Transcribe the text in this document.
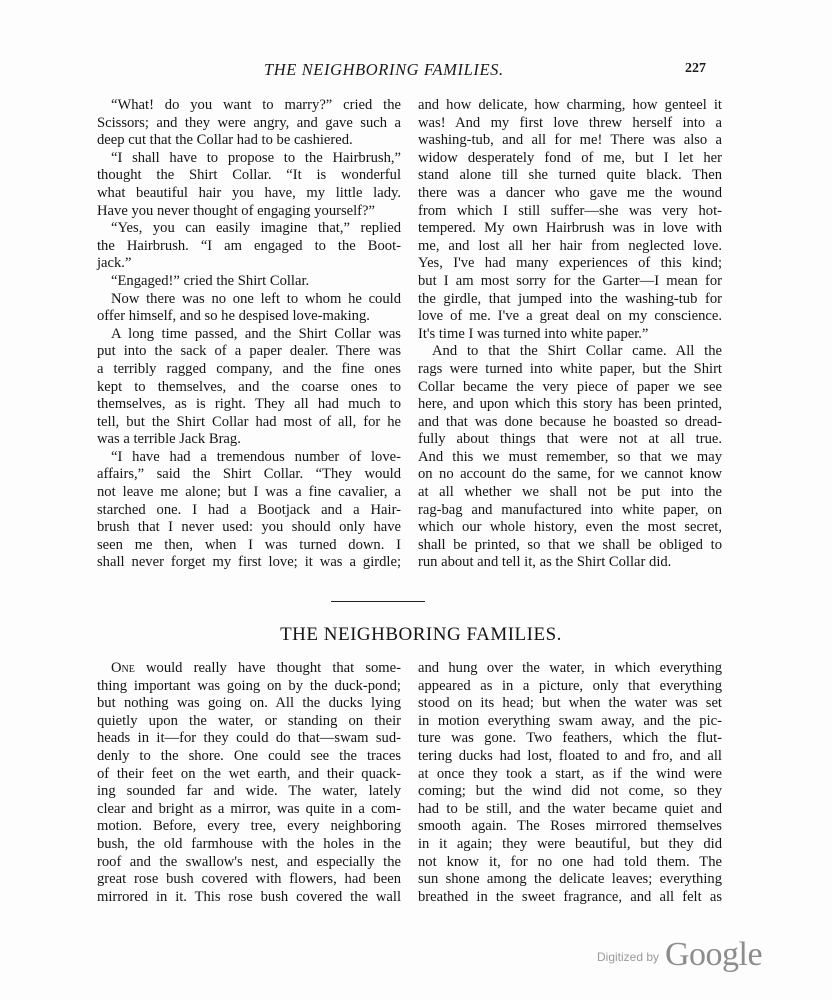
THE NEIGHBORING FAMILIES.	227
“What! do you want to marry?” cried the
Scissors; and they were angry, and gave such a
deep cut that the Collar had to be cashiered.
“I shall have to propose to the Hairbrush,”
thought the Shirt Collar. “It is wonderful
what beautiful hair you have, my little lady.
Have you never thought of engaging yourself?”
“Yes, you can easily imagine that,” replied
the Hairbrush. “I am engaged to the Boot-
jack.”
“Engaged!” cried the Shirt Collar.
Now there was no one left to whom he could
offer himself, and so he despised love-making.
A long time passed, and the Shirt Collar was
put into the sack of a paper dealer. There was
a terribly ragged company, and the fine ones
kept to themselves, and the coarse ones to
themselves, as is right. They all had much to
tell, but the Shirt Collar had most of all, for he
was a terrible Jack Brag.
“I have had a tremendous number of love-
affairs,” said the Shirt Collar. “They would
not leave me alone; but I was a fine cavalier, a
starched one. I had a Bootjack and a Hair-
brush that I never used: you should only have
seen me then, when I was turned down. I
shall never forget my first love; it was a girdle;
and how delicate, how charming, how genteel it
was! And my first love threw herself into a
washing-tub, and all for me! There was also a
widow desperately fond of me, but I let her
stand alone till she turned quite black. Then
there was a dancer who gave me the wound
from which I still suffer—she was very hot-
tempered. My own Hairbrush was in love with
me, and lost all her hair from neglected love.
Yes, I've had many experiences of this kind;
but I am most sorry for the Garter—I mean for
the girdle, that jumped into the washing-tub for
love of me. I've a great deal on my conscience.
It's time I was turned into white paper.”
And to that the Shirt Collar came. All the
rags were turned into white paper, but the Shirt
Collar became the very piece of paper we see
here, and upon which this story has been printed,
and that was done because he boasted so dread-
fully about things that were not at all true.
And this we must remember, so that we may
on no account do the same, for we cannot know
at all whether we shall not be put into the
rag-bag and manufactured into white paper, on
which our whole history, even the most secret,
shall be printed, so that we shall be obliged to
run about and tell it, as the Shirt Collar did.
THE NEIGHBORING FAMILIES.
One would really have thought that some-
thing important was going on by the duck-pond;
but nothing was going on. All the ducks lying
quietly upon the water, or standing on their
heads in it—for they could do that—swam sud-
denly to the shore. One could see the traces
of their feet on the wet earth, and their quack-
ing sounded far and wide. The water, lately
clear and bright as a mirror, was quite in a com-
motion. Before, every tree, every neighboring
bush, the old farmhouse with the holes in the
roof and the swallow's nest, and especially the
great rose bush covered with flowers, had been
mirrored in it. This rose bush covered the wall
and hung over the water, in which everything
appeared as in a picture, only that everything
stood on its head; but when the water was set
in motion everything swam away, and the pic-
ture was gone. Two feathers, which the flut-
tering ducks had lost, floated to and fro, and all
at once they took a start, as if the wind were
coming; but the wind did not come, so they
had to be still, and the water became quiet and
smooth again. The Roses mirrored themselves
in it again; they were beautiful, but they did
not know it, for no one had told them. The
sun shone among the delicate leaves; everything
breathed in the sweet fragrance, and all felt as
Digitized by Google
